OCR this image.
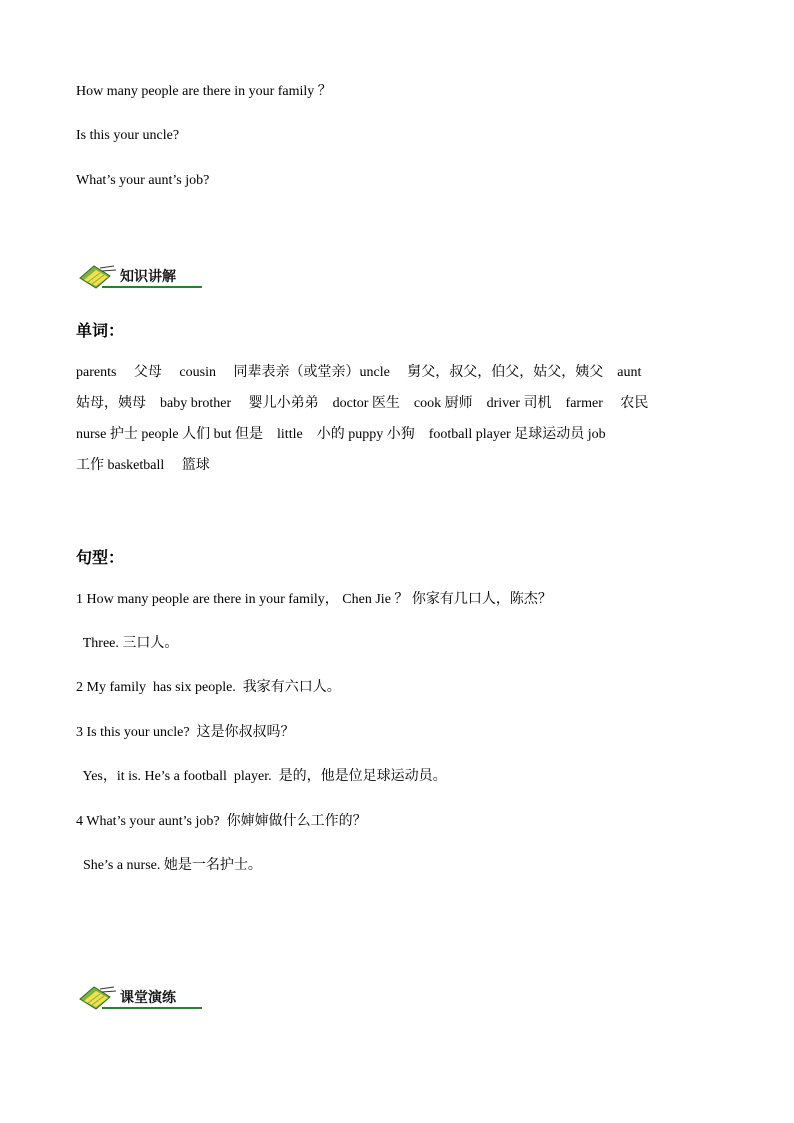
How many people are there in your family ？
Is this your uncle?
What’s your aunt’s job?
知识讲解
单词：
parents　 父母　 cousin　 同辈表亲（或堂亲）uncle　 舅父，叔父，伯父，姑父，姨父　aunt
姑母，姨母　baby brother　 婴儿小弟弟　doctor 医生　cook 厨师　driver 司机　farmer　 农民
nurse 护士 people 人们 but 但是　little　小的 puppy 小狗　football player 足球运动员 job
工作 basketball　 篮球
句型：
1 How many people are there in your family， Chen Jie ？ 你家有几口人，陈杰？
Three. 三口人。
2 My family  has six people.  我家有六口人。
3 Is this your uncle?  这是你叔叔吗？
Yes，it is. He’s a football  player.  是的，他是位足球运动员。
4 What’s your aunt’s job?  你婶婶做什么工作的？
She’s a nurse. 她是一名护士。
课堂演练
